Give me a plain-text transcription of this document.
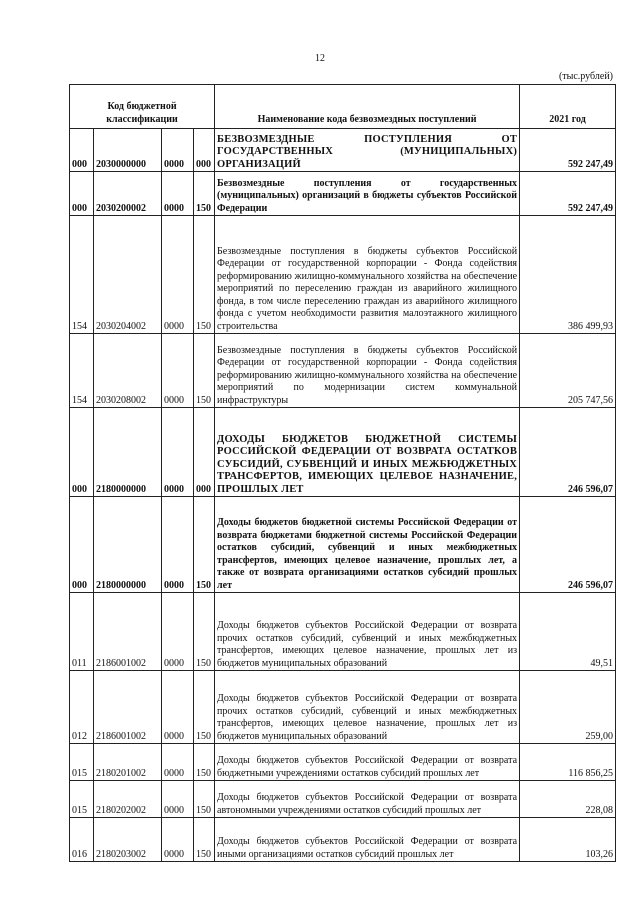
12
(тыс.рублей)
Код бюджетной классификации				Наименование кода безвозмездных поступлений	2021 год
000	2030000000	0000	000	БЕЗВОЗМЕЗДНЫЕ ПОСТУПЛЕНИЯ ОТ ГОСУДАРСТВЕННЫХ (МУНИЦИПАЛЬНЫХ) ОРГАНИЗАЦИЙ	592 247,49
000	2030200002	0000	150	Безвозмездные поступления от государственных (муниципальных) организаций в бюджеты субъектов Российской Федерации	592 247,49
154	2030204002	0000	150	Безвозмездные поступления в бюджеты субъектов Российской Федерации от государственной корпорации - Фонда содействия реформированию жилищно-коммунального хозяйства на обеспечение мероприятий по переселению граждан из аварийного жилищного фонда, в том числе переселению граждан из аварийного жилищного фонда с учетом необходимости развития малоэтажного жилищного строительства	386 499,93
154	2030208002	0000	150	Безвозмездные поступления в бюджеты субъектов Российской Федерации от государственной корпорации - Фонда содействия реформированию жилищно-коммунального хозяйства на обеспечение мероприятий по модернизации систем коммунальной инфраструктуры	205 747,56
000	2180000000	0000	000	ДОХОДЫ БЮДЖЕТОВ БЮДЖЕТНОЙ СИСТЕМЫ РОССИЙСКОЙ ФЕДЕРАЦИИ ОТ ВОЗВРАТА ОСТАТКОВ СУБСИДИЙ, СУБВЕНЦИЙ И ИНЫХ МЕЖБЮДЖЕТНЫХ ТРАНСФЕРТОВ, ИМЕЮЩИХ ЦЕЛЕВОЕ НАЗНАЧЕНИЕ, ПРОШЛЫХ ЛЕТ	246 596,07
000	2180000000	0000	150	Доходы бюджетов бюджетной системы Российской Федерации от возврата бюджетами бюджетной системы Российской Федерации остатков субсидий, субвенций и иных межбюджетных трансфертов, имеющих целевое назначение, прошлых лет, а также от возврата организациями остатков субсидий прошлых лет	246 596,07
011	2186001002	0000	150	Доходы бюджетов субъектов Российской Федерации от возврата прочих остатков субсидий, субвенций и иных межбюджетных трансфертов, имеющих целевое назначение, прошлых лет из бюджетов муниципальных образований	49,51
012	2186001002	0000	150	Доходы бюджетов субъектов Российской Федерации от возврата прочих остатков субсидий, субвенций и иных межбюджетных трансфертов, имеющих целевое назначение, прошлых лет из бюджетов муниципальных образований	259,00
015	2180201002	0000	150	Доходы бюджетов субъектов Российской Федерации от возврата бюджетными учреждениями остатков субсидий прошлых лет	116 856,25
015	2180202002	0000	150	Доходы бюджетов субъектов Российской Федерации от возврата автономными учреждениями остатков субсидий прошлых лет	228,08
016	2180203002	0000	150	Доходы бюджетов субъектов Российской Федерации от возврата иными организациями остатков субсидий прошлых лет	103,26
